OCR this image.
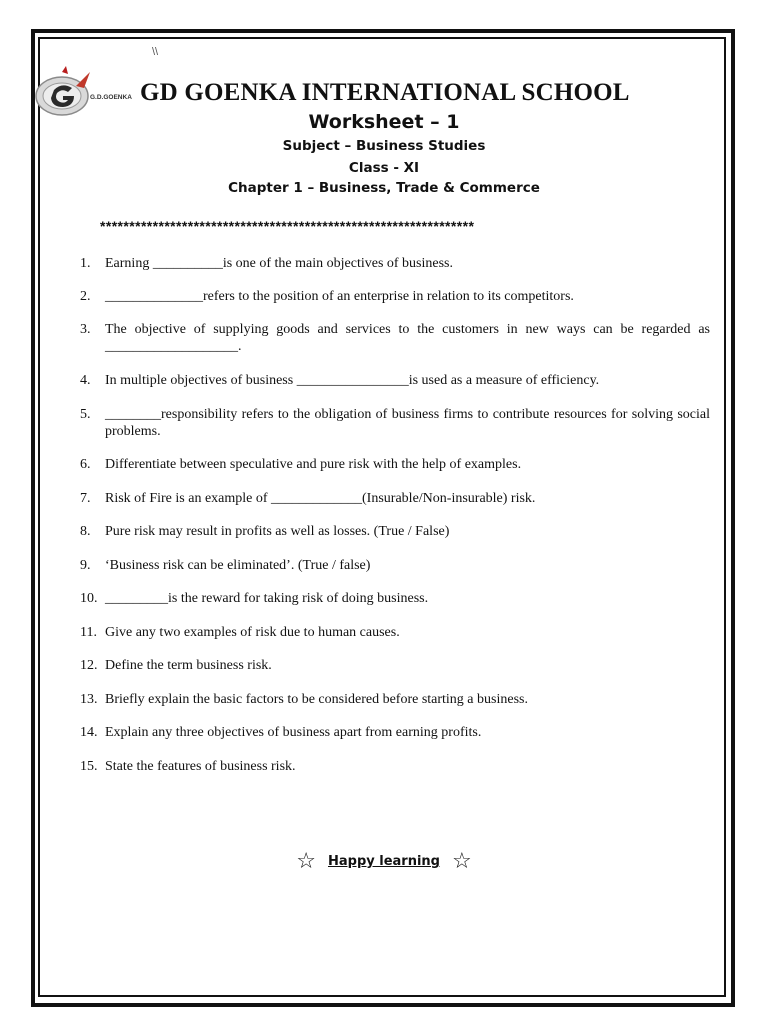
\\
G.D.GOENKA GD GOENKA INTERNATIONAL SCHOOL
Worksheet – 1
Subject – Business Studies
Class - XI
Chapter 1 – Business, Trade & Commerce
****************************************************************
1.	Earning __________is one of the main objectives of business.
2.	______________refers to the position of an enterprise in relation to its competitors.
3.	The objective of supplying goods and services to the customers in new ways can be regarded as ___________________.
4.	In multiple objectives of business ________________is used as a measure of efficiency.
5.	________responsibility refers to the obligation of business firms to contribute resources for solving social problems.
6.	Differentiate between speculative and pure risk with the help of examples.
7.	Risk of Fire is an example of _____________(Insurable/Non-insurable) risk.
8.	Pure risk may result in profits as well as losses. (True / False)
9.	‘Business risk can be eliminated’. (True / false)
10. _________is the reward for taking risk of doing business.
11. Give any two examples of risk due to human causes.
12. Define the term business risk.
13. Briefly explain the basic factors to be considered before starting a business.
14. Explain any three objectives of business apart from earning profits.
15. State the features of business risk.
☆ Happy learning ☆
